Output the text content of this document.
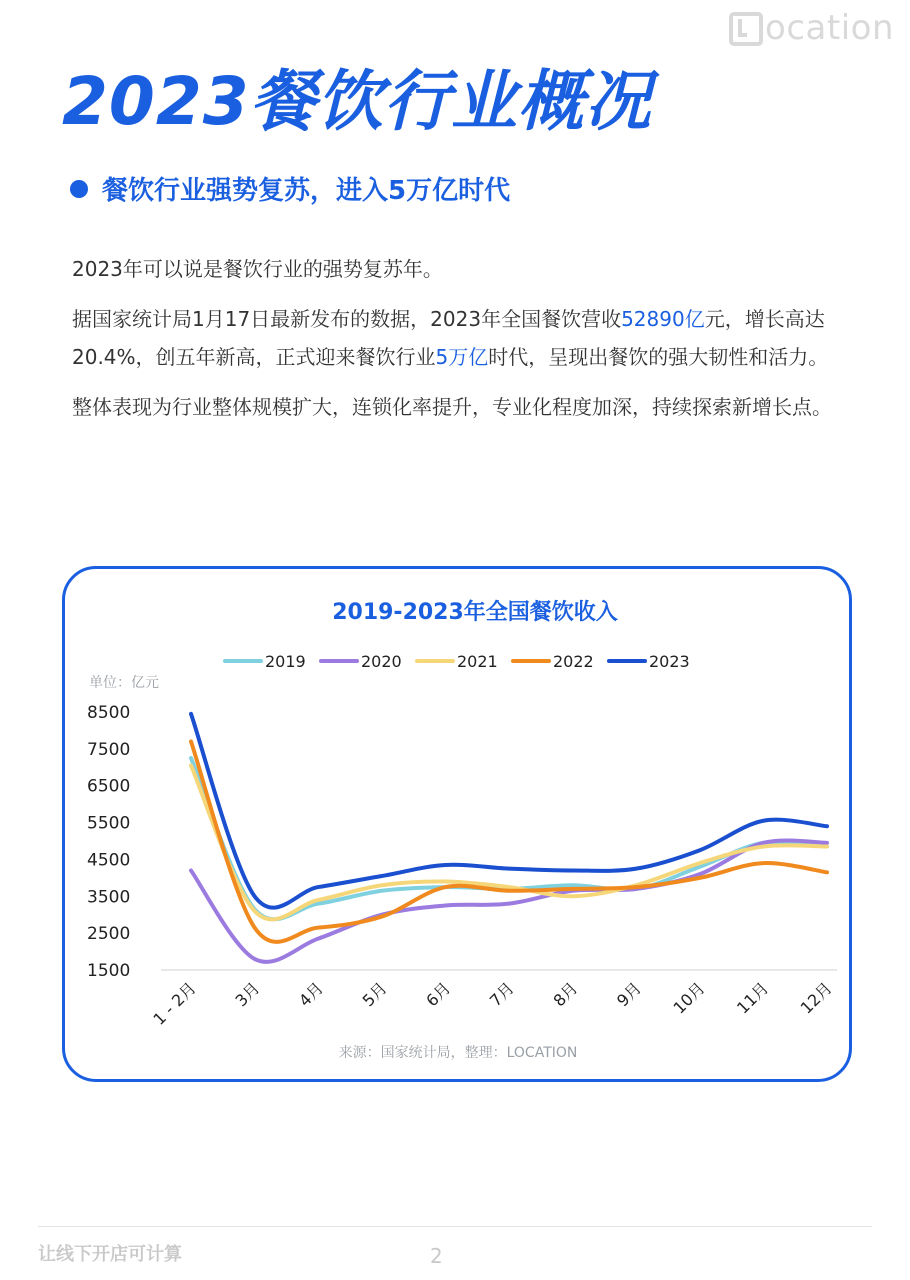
ocation
2023餐饮行业概况
餐饮行业强势复苏，进入5万亿时代

2023年可以说是餐饮行业的强势复苏年。

据国家统计局1月17日最新发布的数据，2023年全国餐饮营收52890亿元，增长高达20.4%，创五年新高，正式迎来餐饮行业5万亿时代，呈现出餐饮的强大韧性和活力。

整体表现为行业整体规模扩大，连锁化率提升，专业化程度加深，持续探索新增长点。

2019-2023年全国餐饮收入
2019	2020	2021	2022	2023
单位：亿元
8500
7500
6500
5500
4500
3500
2500
1500
1 - 2月 3月 4月 5月 6月 7月 8月 9月 10月 11月 12月
来源：国家统计局，整理：LOCATION
让线下开店可计算	2
